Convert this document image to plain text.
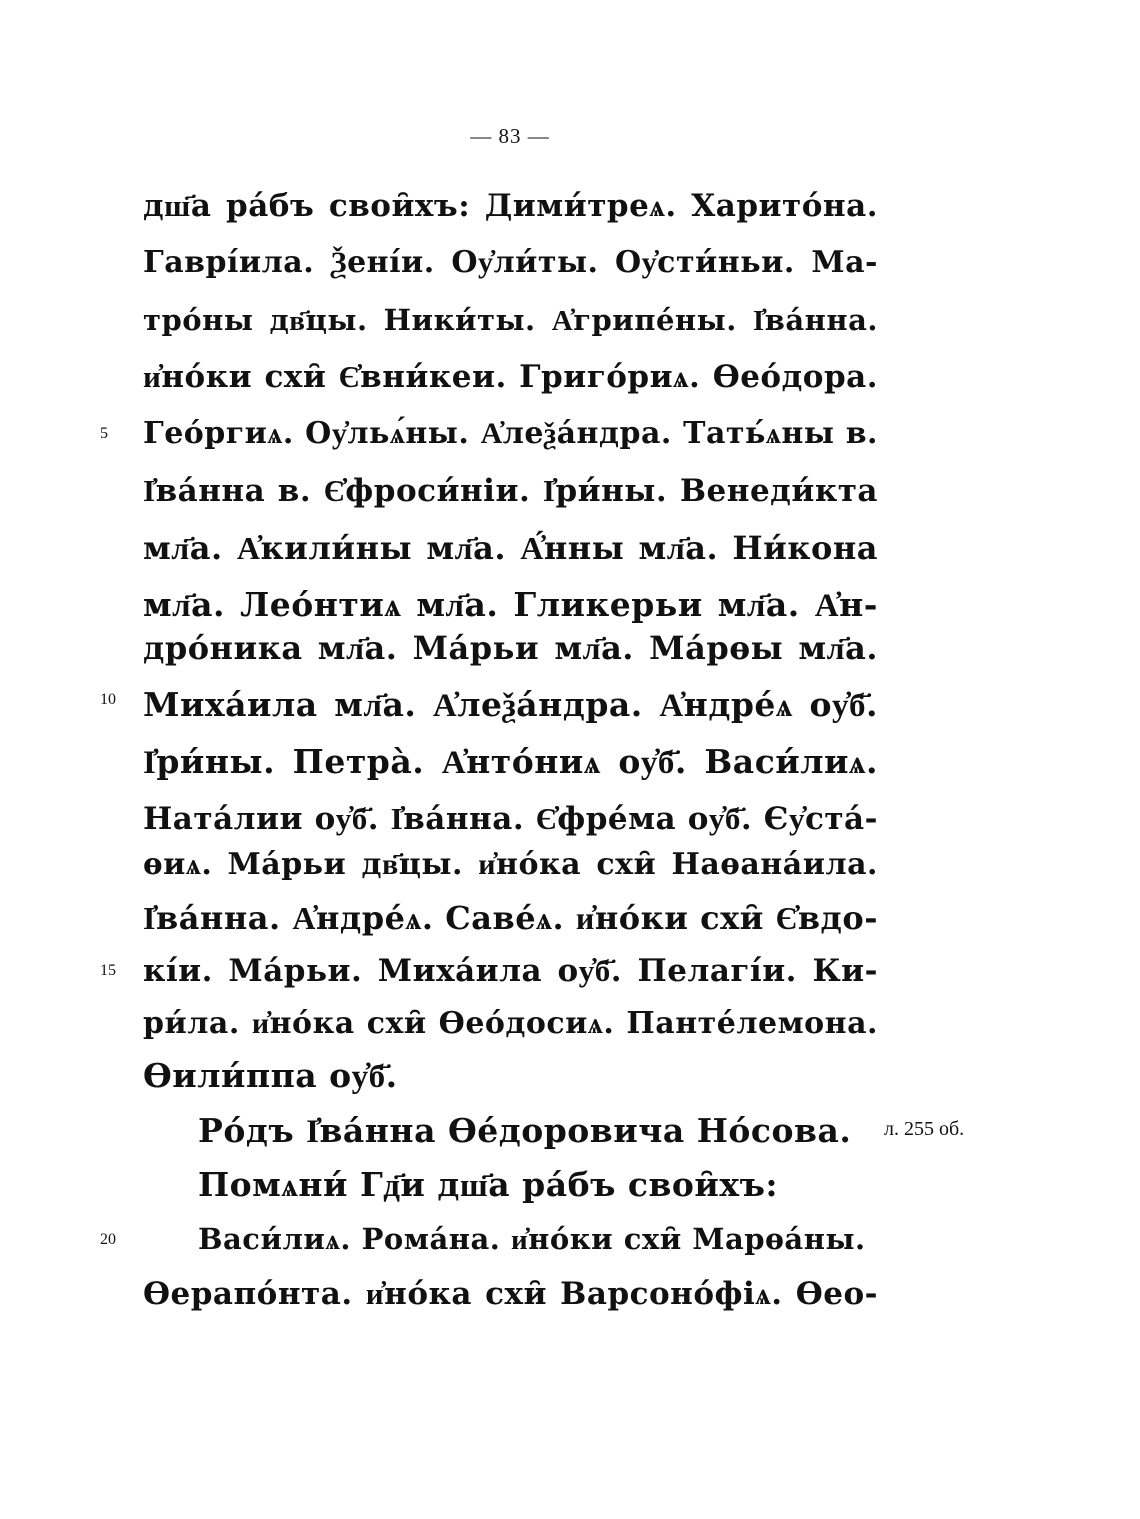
— 83 —
дш҃а ра́бъ свои̑хъ: Дими́треѧ. Харито́на.
Гаврі́ила. Ѯені́и. Оу҆ли́ты. Оу҆сти́ньи. Ма-
тро́ны дв҃цы. Ники́ты. А҆грипе́ны. І҆ва́нна.
и҆но́ки схи̑ Є҆вни́кеи. Григо́риѧ. Ѳео́дора.
Гео́ргиѧ. Оу҆льѧ́ны. А҆леѯа́ндра. Тать́ѧны в.
І҆ва́нна в. Є҆фроси́ніи. І҆ри́ны. Венеди́кта
мл҃а. А҆кили́ны мл҃а. А҆́нны мл҃а. Ни́кона
мл҃а. Лео́нтиѧ мл҃а. Гликерьи мл҃а. А҆н-
дро́ника мл҃а. Ма́рьи мл҃а. Ма́рѳы мл҃а.
Миха́ила мл҃а. А҆леѯа́ндра. А҆ндре́ѧ оу҆б҃.
І҆ри́ны. Петра̀. А҆нто́ниѧ оу҆б҃. Васи́лиѧ.
Ната́лии оу҆б҃. І҆ва́нна. Є҆фре́ма оу҆б҃. Єу҆ста́-
ѳиѧ. Ма́рьи дв҃цы. и҆но́ка схи̑ Наѳана́ила.
І҆ва́нна. А҆ндре́ѧ. Саве́ѧ. и҆но́ки схи̑ Є҆вдо-
кі́и. Ма́рьи. Миха́ила оу҆б҃. Пелагі́и. Ки-
ри́ла. и҆но́ка схи̑ Ѳео́досиѧ. Панте́лемона.
Ѳили́ппа оу҆б҃.
Ро́дъ І҆ва́нна Ѳе́доровича Но́сова.
Помѧни́ Гд҃и дш҃а ра́бъ свои̑хъ:
Васи́лиѧ. Рома́на. и҆но́ки схи̑ Марѳа́ны.
Ѳерапо́нта. и҆но́ка схи̑ Варсоно́фіѧ. Ѳео-
5
10
15
20
л. 255 об.
